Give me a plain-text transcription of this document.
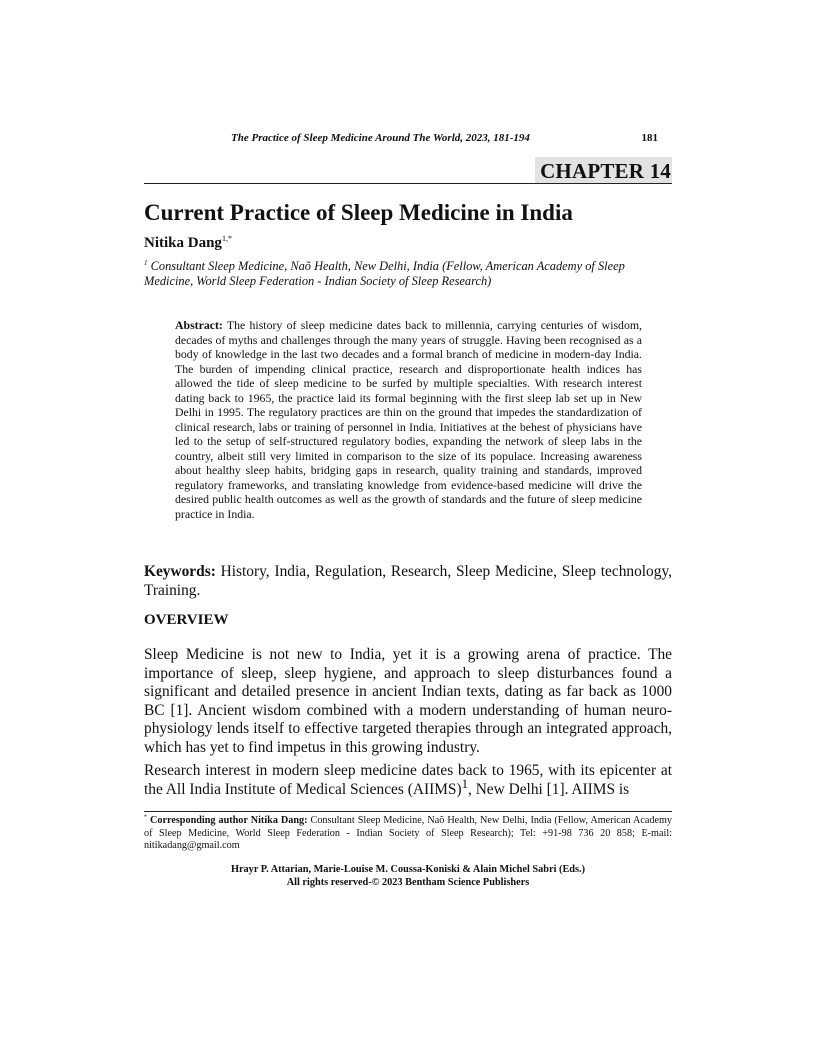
The Practice of Sleep Medicine Around The World, 2023, 181-194	181
CHAPTER 14
Current Practice of Sleep Medicine in India
Nitika Dang$^{1,*}$
$^1$ Consultant Sleep Medicine, Naõ Health, New Delhi, India (Fellow, American Academy of Sleep Medicine, World Sleep Federation - Indian Society of Sleep Research)
Abstract: The history of sleep medicine dates back to millennia, carrying centuries of wisdom, decades of myths and challenges through the many years of struggle. Having been recognised as a body of knowledge in the last two decades and a formal branch of medicine in modern-day India. The burden of impending clinical practice, research and disproportionate health indices has allowed the tide of sleep medicine to be surfed by multiple specialties. With research interest dating back to 1965, the practice laid its formal beginning with the first sleep lab set up in New Delhi in 1995. The regulatory practices are thin on the ground that impedes the standardization of clinical research, labs or training of personnel in India. Initiatives at the behest of physicians have led to the setup of self-structured regulatory bodies, expanding the network of sleep labs in the country, albeit still very limited in comparison to the size of its populace. Increasing awareness about healthy sleep habits, bridging gaps in research, quality training and standards, improved regulatory frameworks, and translating knowledge from evidence-based medicine will drive the desired public health outcomes as well as the growth of standards and the future of sleep medicine practice in India.
Keywords: History, India, Regulation, Research, Sleep Medicine, Sleep technology, Training.
OVERVIEW
Sleep Medicine is not new to India, yet it is a growing arena of practice. The importance of sleep, sleep hygiene, and approach to sleep disturbances found a significant and detailed presence in ancient Indian texts, dating as far back as 1000 BC [1]. Ancient wisdom combined with a modern understanding of human neuro-physiology lends itself to effective targeted therapies through an integrated approach, which has yet to find impetus in this growing industry.
Research interest in modern sleep medicine dates back to 1965, with its epicenter at the All India Institute of Medical Sciences (AIIMS)$^1$, New Delhi [1]. AIIMS is
* Corresponding author Nitika Dang: Consultant Sleep Medicine, Naõ Health, New Delhi, India (Fellow, American Academy of Sleep Medicine, World Sleep Federation - Indian Society of Sleep Research); Tel: +91-98 736 20 858; E-mail: nitikadang@gmail.com
Hrayr P. Attarian, Marie-Louise M. Coussa-Koniski & Alain Michel Sabri (Eds.)
All rights reserved-© 2023 Bentham Science Publishers
